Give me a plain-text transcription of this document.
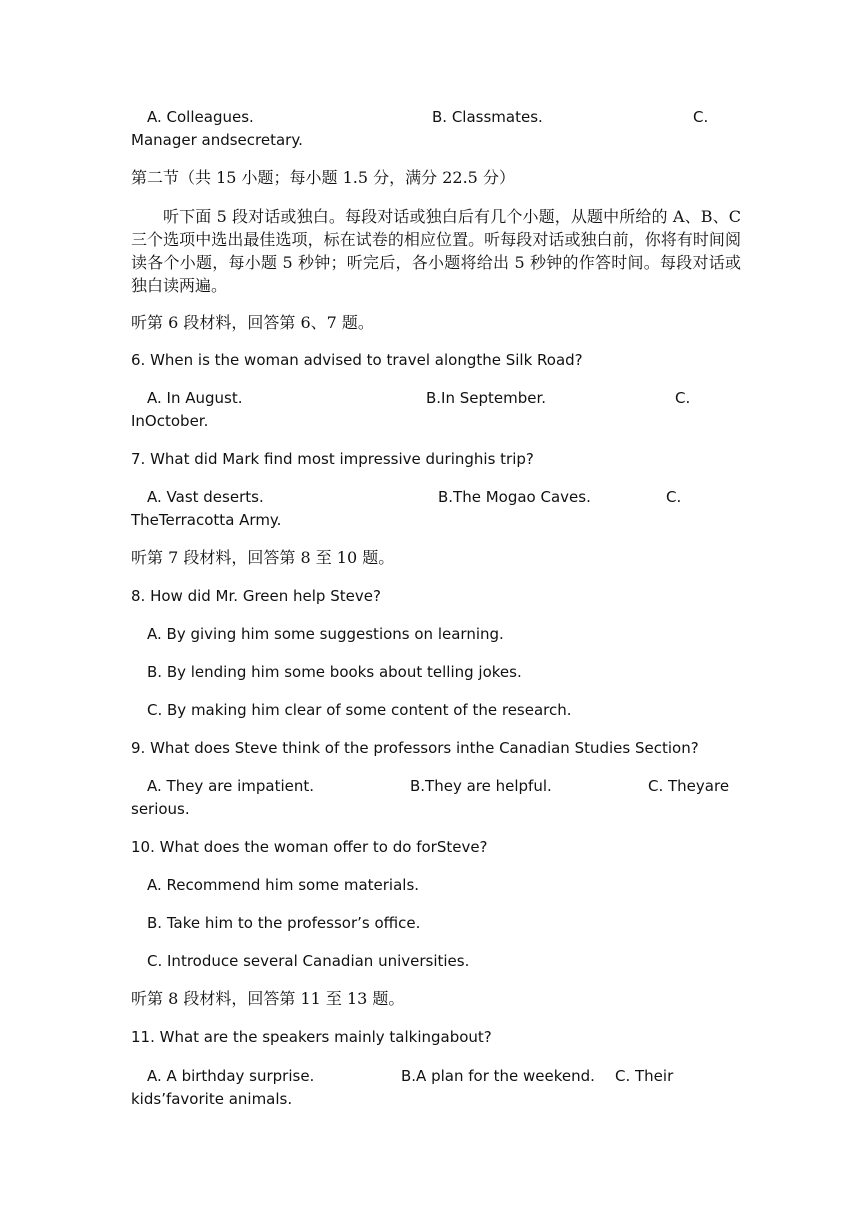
A. Colleagues.	B. Classmates.	C.
Manager andsecretary.
第二节（共 15 小题；每小题 1.5 分，满分 22.5 分）
听下面 5 段对话或独白。每段对话或独白后有几个小题，从题中所给的 A、B、C 三个选项中选出最佳选项，标在试卷的相应位置。听每段对话或独白前，你将有时间阅读各个小题，每小题 5 秒钟；听完后，各小题将给出 5 秒钟的作答时间。每段对话或独白读两遍。
听第 6 段材料，回答第 6、7 题。
6. When is the woman advised to travel alongthe Silk Road?
A. In August.	B.In September.	C.
InOctober.
7. What did Mark find most impressive duringhis trip?
A. Vast deserts.	B.The Mogao Caves.	C.
TheTerracotta Army.
听第 7 段材料，回答第 8 至 10 题。
8. How did Mr. Green help Steve?
A. By giving him some suggestions on learning.
B. By lending him some books about telling jokes.
C. By making him clear of some content of the research.
9. What does Steve think of the professors inthe Canadian Studies Section?
A. They are impatient.	B.They are helpful.	C. Theyare
serious.
10. What does the woman offer to do forSteve?
A. Recommend him some materials.
B. Take him to the professor’s office.
C. Introduce several Canadian universities.
听第 8 段材料，回答第 11 至 13 题。
11. What are the speakers mainly talkingabout?
A. A birthday surprise.	B.A plan for the weekend. C. Their
kids’favorite animals.
